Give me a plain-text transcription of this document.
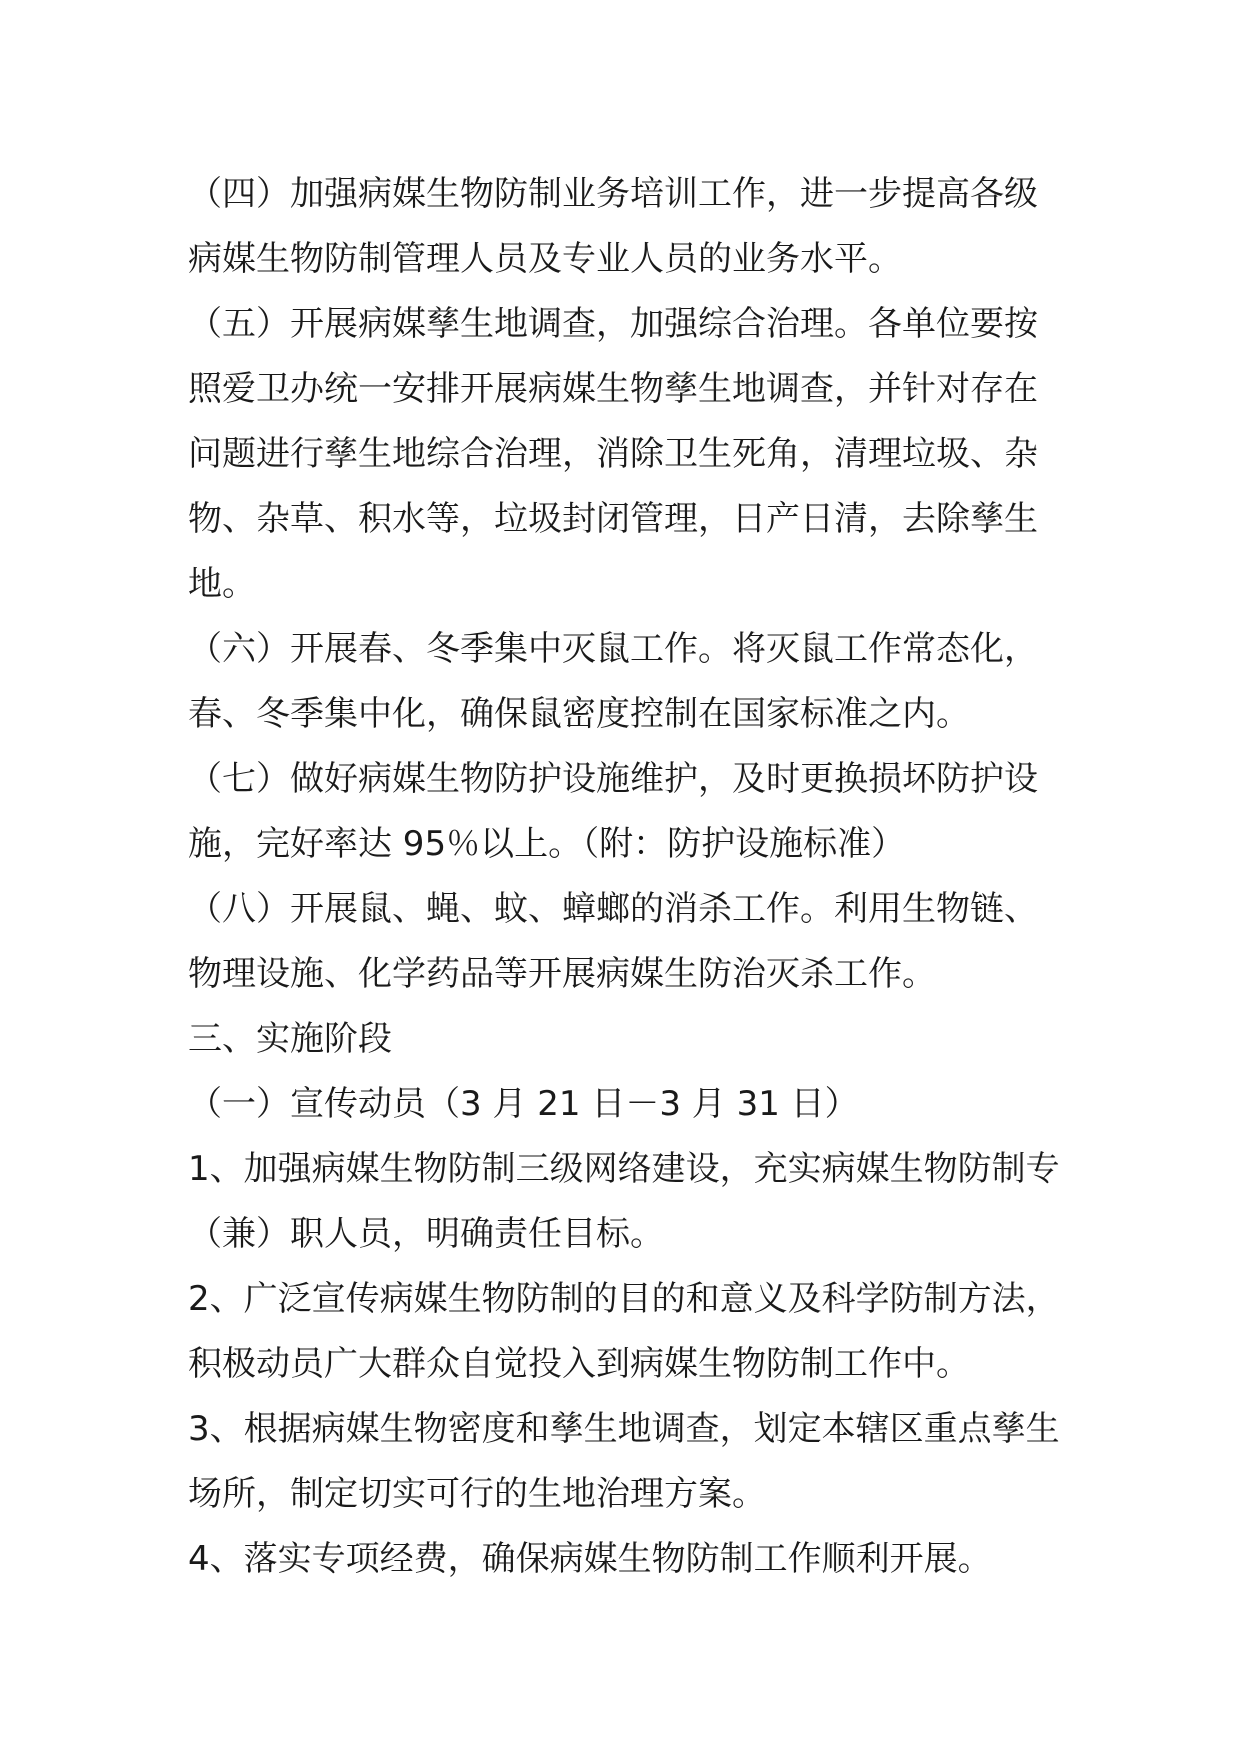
（四）加强病媒生物防制业务培训工作，进一步提高各级
病媒生物防制管理人员及专业人员的业务水平。
（五）开展病媒孳生地调查，加强综合治理。各单位要按
照爱卫办统一安排开展病媒生物孳生地调查，并针对存在
问题进行孳生地综合治理，消除卫生死角，清理垃圾、杂
物、杂草、积水等，垃圾封闭管理，日产日清，去除孳生
地。
（六）开展春、冬季集中灭鼠工作。将灭鼠工作常态化，
春、冬季集中化，确保鼠密度控制在国家标准之内。
（七）做好病媒生物防护设施维护，及时更换损坏防护设
施，完好率达 95％以上。（附：防护设施标准）
（八）开展鼠、蝇、蚊、蟑螂的消杀工作。利用生物链、
物理设施、化学药品等开展病媒生防治灭杀工作。
三、实施阶段
（一）宣传动员（3 月 21 日－3 月 31 日）
1、加强病媒生物防制三级网络建设，充实病媒生物防制专
（兼）职人员，明确责任目标。
2、广泛宣传病媒生物防制的目的和意义及科学防制方法，
积极动员广大群众自觉投入到病媒生物防制工作中。
3、根据病媒生物密度和孳生地调查，划定本辖区重点孳生
场所，制定切实可行的生地治理方案。
4、落实专项经费，确保病媒生物防制工作顺利开展。
